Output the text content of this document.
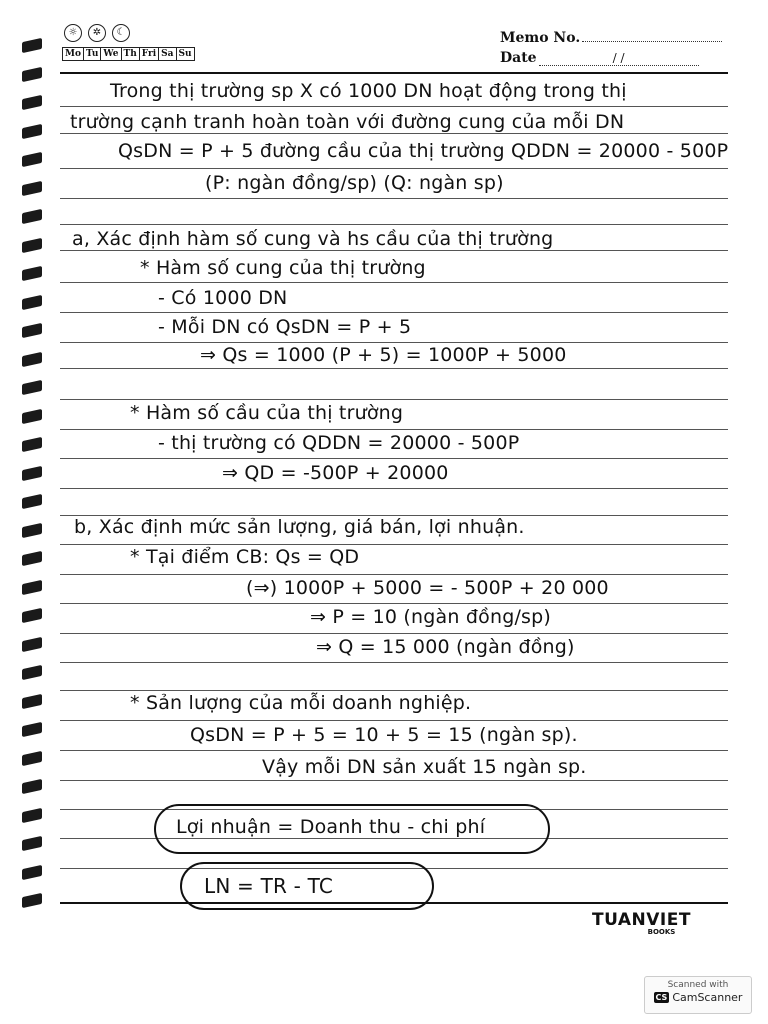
☼	✲	☾
Mo Tu We Th Fri Sa Su
Memo No.
Date	/ /
Trong thị trường sp X có 1000 DN hoạt động trong thị
trường cạnh tranh hoàn toàn với đường cung của mỗi DN
QsDN = P + 5 đường cầu của thị trường QDDN = 20000 - 500P
(P: ngàn đồng/sp) (Q: ngàn sp)
a, Xác định hàm số cung và hs cầu của thị trường
* Hàm số cung của thị trường
- Có 1000 DN
- Mỗi DN có QsDN = P + 5
⇒ Qs = 1000 (P + 5) = 1000P + 5000
* Hàm số cầu của thị trường
- thị trường có QDDN = 20000 - 500P
⇒ QD = -500P + 20000
b, Xác định mức sản lượng, giá bán, lợi nhuận.
* Tại điểm CB: Qs = QD
(⇒) 1000P + 5000 = - 500P + 20 000
⇒ P = 10 (ngàn đồng/sp)
⇒ Q = 15 000 (ngàn đồng)
* Sản lượng của mỗi doanh nghiệp.
QsDN = P + 5 = 10 + 5 = 15 (ngàn sp).
Vậy mỗi DN sản xuất 15 ngàn sp.
Lợi nhuận = Doanh thu - chi phí
LN = TR - TC
TUANVIET
BOOKS
Scanned with
CS CamScanner
